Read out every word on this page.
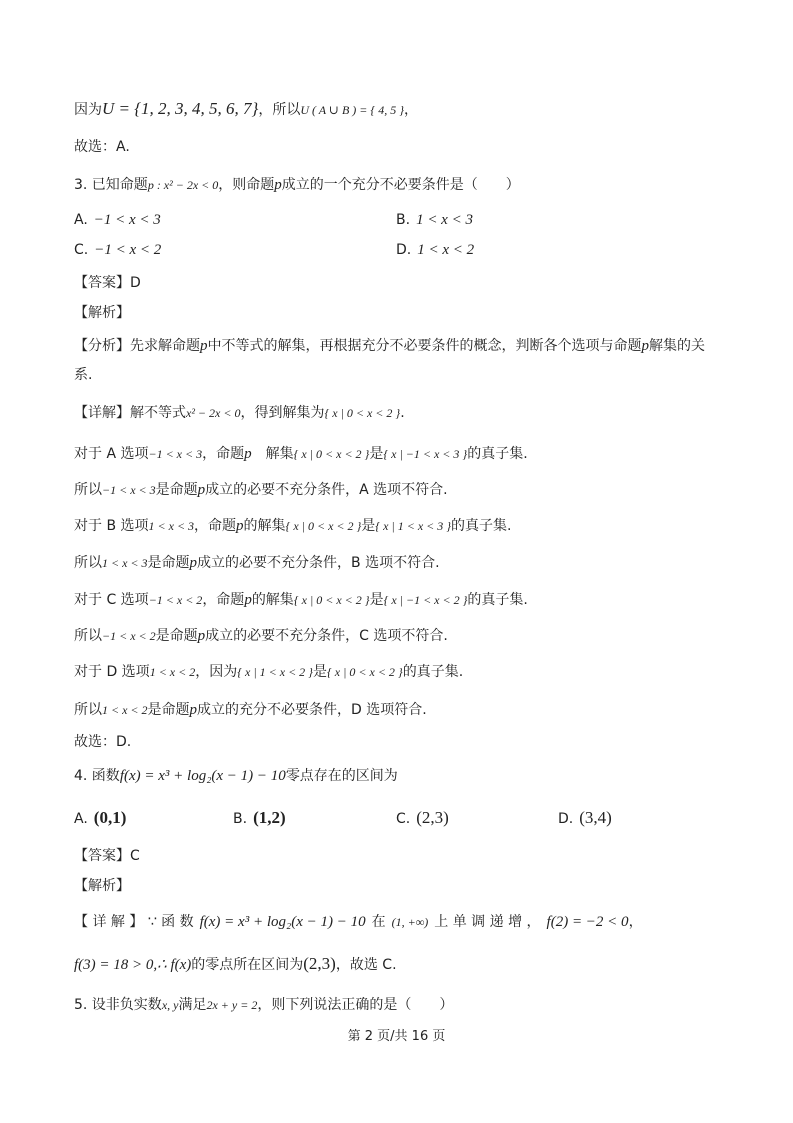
因为U = {1, 2, 3, 4, 5, 6, 7}，所以U ( A ∪ B ) = { 4, 5 }，
故选：A.
3. 已知命题p : x² − 2x < 0，则命题p成立的一个充分不必要条件是（　　）
A. −1 < x < 3	B. 1 < x < 3
C. −1 < x < 2	D. 1 < x < 2
【答案】D
【解析】
【分析】先求解命题p中不等式的解集，再根据充分不必要条件的概念，判断各个选项与命题p解集的关
系.
【详解】解不等式x² − 2x < 0，得到解集为{ x | 0 < x < 2 }.
对于 A 选项−1 < x < 3，命题p　解集{ x | 0 < x < 2 }是{ x | −1 < x < 3 }的真子集.
所以−1 < x < 3是命题p成立的必要不充分条件，A 选项不符合.
对于 B 选项1 < x < 3，命题p的解集{ x | 0 < x < 2 }是{ x | 1 < x < 3 }的真子集.
所以1 < x < 3是命题p成立的必要不充分条件，B 选项不符合.
对于 C 选项−1 < x < 2，命题p的解集{ x | 0 < x < 2 }是{ x | −1 < x < 2 }的真子集.
所以−1 < x < 2是命题p成立的必要不充分条件，C 选项不符合.
对于 D 选项1 < x < 2，因为{ x | 1 < x < 2 }是{ x | 0 < x < 2 }的真子集.
所以1 < x < 2是命题p成立的充分不必要条件，D 选项符合.
故选：D.
4. 函数f(x) = x³ + log₂(x − 1) − 10零点存在的区间为
A. (0,1)	B. (1,2)	C. (2,3)	D. (3,4)
【答案】C
【解析】
【 详 解 】 ∵ 函 数 f(x) = x³ + log₂(x − 1) − 10 在 (1, +∞) 上 单 调 递 增 ， f(2) = −2 < 0，
f(3) = 18 > 0,∴ f(x)的零点所在区间为(2,3)，故选 C.
5. 设非负实数x, y满足2x + y = 2，则下列说法正确的是（　　）
第 2 页/共 16 页
